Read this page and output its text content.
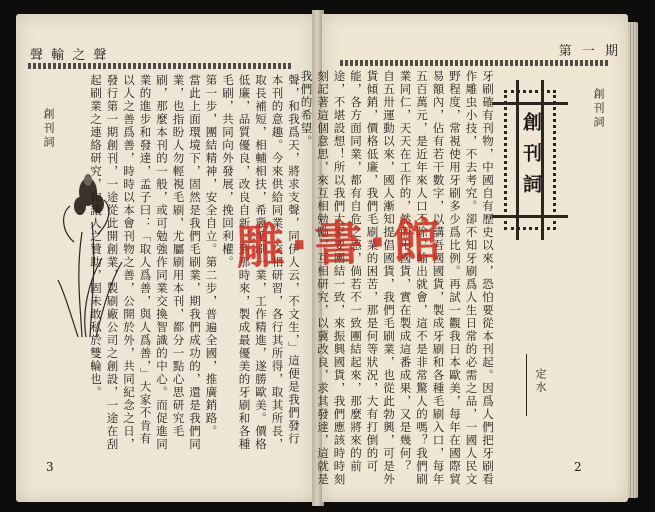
聲 輸 之 聲
創刊詞	聲，和我爲天，將求支聲，同伊人云，不文生，」這便是我們發行本刊的意趣。今來供給同業，交相研習，各行其所得，取其所長，取長補短，相輔相扶，希冀毛刷一業，工作精進，遂勝歐美。價格低廉，品質優良，改良自新，到那時來，製成最優美的牙刷和各種毛刷，共同向外發展，挽回利權。
第一步，團結精神，安全自立。第二步，普遍全國，推廣銷路。
當此上面環境下，固然是我們毛刷業，期我們成功的，還是我們同業，也指盼人勿輕視毛刷，尤屬刷用本刊，都分一點心思研究毛刷，那麼本刊的一般，或可勉強作同業交換智識的中心。而促進同業的進步和發達，孟子曰：「取人爲善，與人爲善，」大家不肯有以人之善爲善，時時以本會刊物之善，公開於外，共同紀念之日，發行第一期創刊，一途從此開創業，製刷廠公司之創設，一途在刮起刷業之連絡研究，和議人之贊助，固未敢私於雙輪也。
3
第 一 期
創刊詞
創刊詞
牙刷確有刊物，中國自有歷史以來，恐怕要從本刊起。因爲人們把牙刷看作雕虫小技，不去考究。卻不知牙刷爲人生日常的必需之品，一國人民文野程度，常視使用牙刷多少爲比例。再試一觀我日本歐美，每年在國際貿易額內，佔有若干數字，以講吾國國貨，製成牙刷和各種毛刷入口，每年五百萬元，是近年來人口不除，輸出就會，這不是非常驚人的嗎？我們刷業同仁，天天在工作的，然而用國貨，實在製成這番成果，又是幾何？
自五卅運動以來，國人漸知提倡國貨，我們毛刷業，也從此勃興，可是外貨傾銷，價格低廉，我們毛刷業的困苦，那是何等狀況，大有打倒的可能，各方面同業，都有自危之感，倘若不一致團結起來，那麼將來的前途，不堪設想！所以我們大家要團結一致，來振興國貨，我們應該時時刻刻記著這個意思，來互相勉勵，互相研究，以冀改良，求其發達，這就是我們的希望。
定水
2
雕·書·館
